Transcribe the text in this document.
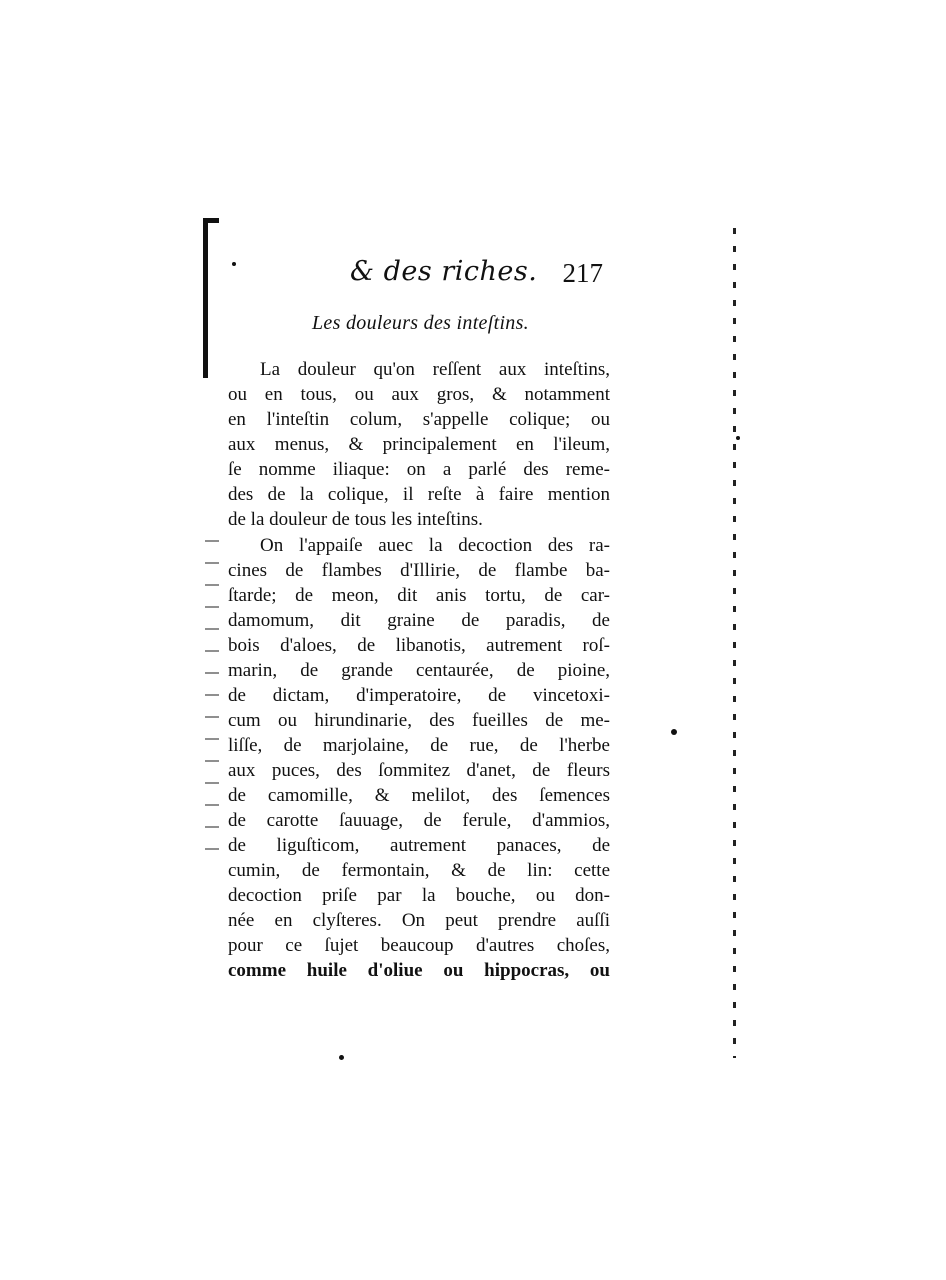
& des riches. 217
Les douleurs des inteſtins.
La douleur qu'on reſſent aux inteſtins,
ou en tous, ou aux gros, & notamment
en l'inteſtin colum, s'appelle colique; ou
aux menus, & principalement en l'ileum,
ſe nomme iliaque: on a parlé des reme-
des de la colique, il reſte à faire mention
de la douleur de tous les inteſtins.
On l'appaiſe auec la decoction des ra-
cines de flambes d'Illirie, de flambe ba-
ſtarde; de meon, dit anis tortu, de car-
damomum, dit graine de paradis, de
bois d'aloes, de libanotis, autrement roſ-
marin, de grande centaurée, de pioine,
de dictam, d'imperatoire, de vincetoxi-
cum ou hirundinarie, des fueilles de me-
liſſe, de marjolaine, de rue, de l'herbe
aux puces, des ſommitez d'anet, de fleurs
de camomille, & melilot, des ſemences
de carotte ſauuage, de ferule, d'ammios,
de liguſticom, autrement panaces, de
cumin, de fermontain, & de lin: cette
decoction priſe par la bouche, ou don-
née en clyſteres. On peut prendre auſſi
pour ce ſujet beaucoup d'autres choſes,
comme huile d'oliue ou hippocras, ou
